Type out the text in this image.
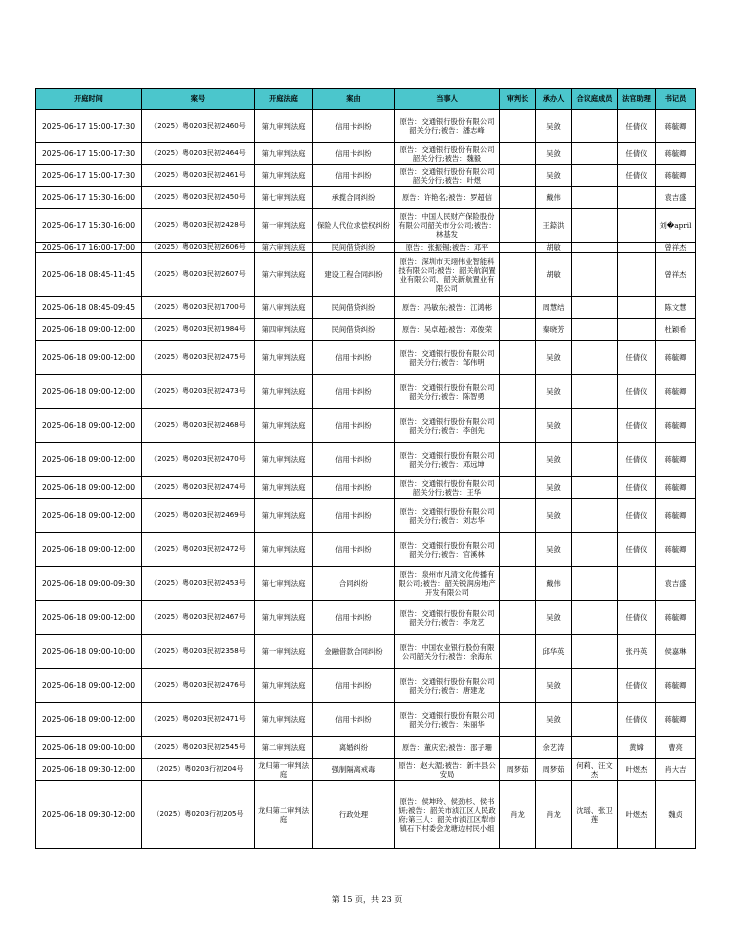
开庭时间	案号	开庭法庭	案由	当事人	审判长	承办人	合议庭成员	法官助理	书记员
2025-06-17 15:00-17:30	（2025）粤0203民初2460号	第九审判法庭	信用卡纠纷	原告：交通银行股份有限公司韶关分行;被告：潘志峰		吴敛		任倩仪	蒋毓卿
2025-06-17 15:00-17:30	（2025）粤0203民初2464号	第九审判法庭	信用卡纠纷	原告：交通银行股份有限公司韶关分行;被告：魏毅		吴敛		任倩仪	蒋毓卿
2025-06-17 15:00-17:30	（2025）粤0203民初2461号	第九审判法庭	信用卡纠纷	原告：交通银行股份有限公司韶关分行;被告：叶煜		吴敛		任倩仪	蒋毓卿
2025-06-17 15:30-16:00	（2025）粤0203民初2450号	第七审判法庭	承揽合同纠纷	原告：许艳名;被告：罗超信		戴伟			袁吉盛
2025-06-17 15:30-16:00	（2025）粤0203民初2428号	第一审判法庭	保险人代位求偿权纠纷	原告：中国人民财产保险股份有限公司韶关市分公司;被告：林基发		王錼洪			刘�april
2025-06-17 16:00-17:00	（2025）粤0203民初2606号	第六审判法庭	民间借贷纠纷	原告：张振锡;被告：邓平		胡敏			曾祥杰
2025-06-18 08:45-11:45	（2025）粤0203民初2607号	第六审判法庭	建设工程合同纠纷	原告：深圳市天翊伟业智能科技有限公司;被告：韶关航润置业有限公司、韶关新航置业有限公司		胡敏			曾祥杰
2025-06-18 08:45-09:45	（2025）粤0203民初1700号	第八审判法庭	民间借贷纠纷	原告：冯敏东;被告：江鸿彬		周慧结			陈文慧
2025-06-18 09:00-12:00	（2025）粤0203民初1984号	第四审判法庭	民间借贷纠纷	原告：吴卓超;被告：邓俊荣		秦晓芳			杜颖希
2025-06-18 09:00-12:00	（2025）粤0203民初2475号	第九审判法庭	信用卡纠纷	原告：交通银行股份有限公司韶关分行;被告：邹伟明		吴敛		任倩仪	蒋毓卿
2025-06-18 09:00-12:00	（2025）粤0203民初2473号	第九审判法庭	信用卡纠纷	原告：交通银行股份有限公司韶关分行;被告：陈智勇		吴敛		任倩仪	蒋毓卿
2025-06-18 09:00-12:00	（2025）粤0203民初2468号	第九审判法庭	信用卡纠纷	原告：交通银行股份有限公司韶关分行;被告：李创先		吴敛		任倩仪	蒋毓卿
2025-06-18 09:00-12:00	（2025）粤0203民初2470号	第九审判法庭	信用卡纠纷	原告：交通银行股份有限公司韶关分行;被告：邓远坤		吴敛		任倩仪	蒋毓卿
2025-06-18 09:00-12:00	（2025）粤0203民初2474号	第九审判法庭	信用卡纠纷	原告：交通银行股份有限公司韶关分行;被告：王华		吴敛		任倩仪	蒋毓卿
2025-06-18 09:00-12:00	（2025）粤0203民初2469号	第九审判法庭	信用卡纠纷	原告：交通银行股份有限公司韶关分行;被告：刘志华		吴敛		任倩仪	蒋毓卿
2025-06-18 09:00-12:00	（2025）粤0203民初2472号	第九审判法庭	信用卡纠纷	原告：交通银行股份有限公司韶关分行;被告：官溪林		吴敛		任倩仪	蒋毓卿
2025-06-18 09:00-09:30	（2025）粤0203民初2453号	第七审判法庭	合同纠纷	原告：泉州市凡清文化传播有限公司;被告：韶关锐润房地产开发有限公司		戴伟			袁吉盛
2025-06-18 09:00-12:00	（2025）粤0203民初2467号	第九审判法庭	信用卡纠纷	原告：交通银行股份有限公司韶关分行;被告：李龙艺		吴敛		任倩仪	蒋毓卿
2025-06-18 09:00-10:00	（2025）粤0203民初2358号	第一审判法庭	金融借款合同纠纷	原告：中国农业银行股份有限公司韶关分行;被告：余海东		邱华英		张丹英	侯嘉琳
2025-06-18 09:00-12:00	（2025）粤0203民初2476号	第九审判法庭	信用卡纠纷	原告：交通银行股份有限公司韶关分行;被告：唐建龙		吴敛		任倩仪	蒋毓卿
2025-06-18 09:00-12:00	（2025）粤0203民初2471号	第九审判法庭	信用卡纠纷	原告：交通银行股份有限公司韶关分行;被告：朱丽华		吴敛		任倩仪	蒋毓卿
2025-06-18 09:00-10:00	（2025）粤0203民初2545号	第二审判法庭	离婚纠纷	原告：董庆宏;被告：邵子珊		余艺涛		黄嫦	曹亮
2025-06-18 09:30-12:00	（2025）粤0203行初204号	龙归第一审判法庭	强制隔离戒毒	原告：赵大湄;被告：新丰县公安局	周梦茹	周梦茹	何莉、汪文杰	叶煜杰	肖大吉
2025-06-18 09:30-12:00	（2025）粤0203行初205号	龙归第二审判法庭	行政处理	原告：侯坤玲、侯劲杉、侯书妍;被告：韶关市浈江区人民政府;第三人：韶关市浈江区犁市镇石下村委会龙塘边村民小组	肖龙	肖龙	沈瑶、张卫莲	叶煜杰	魏贞
第 15 页，共 23 页
